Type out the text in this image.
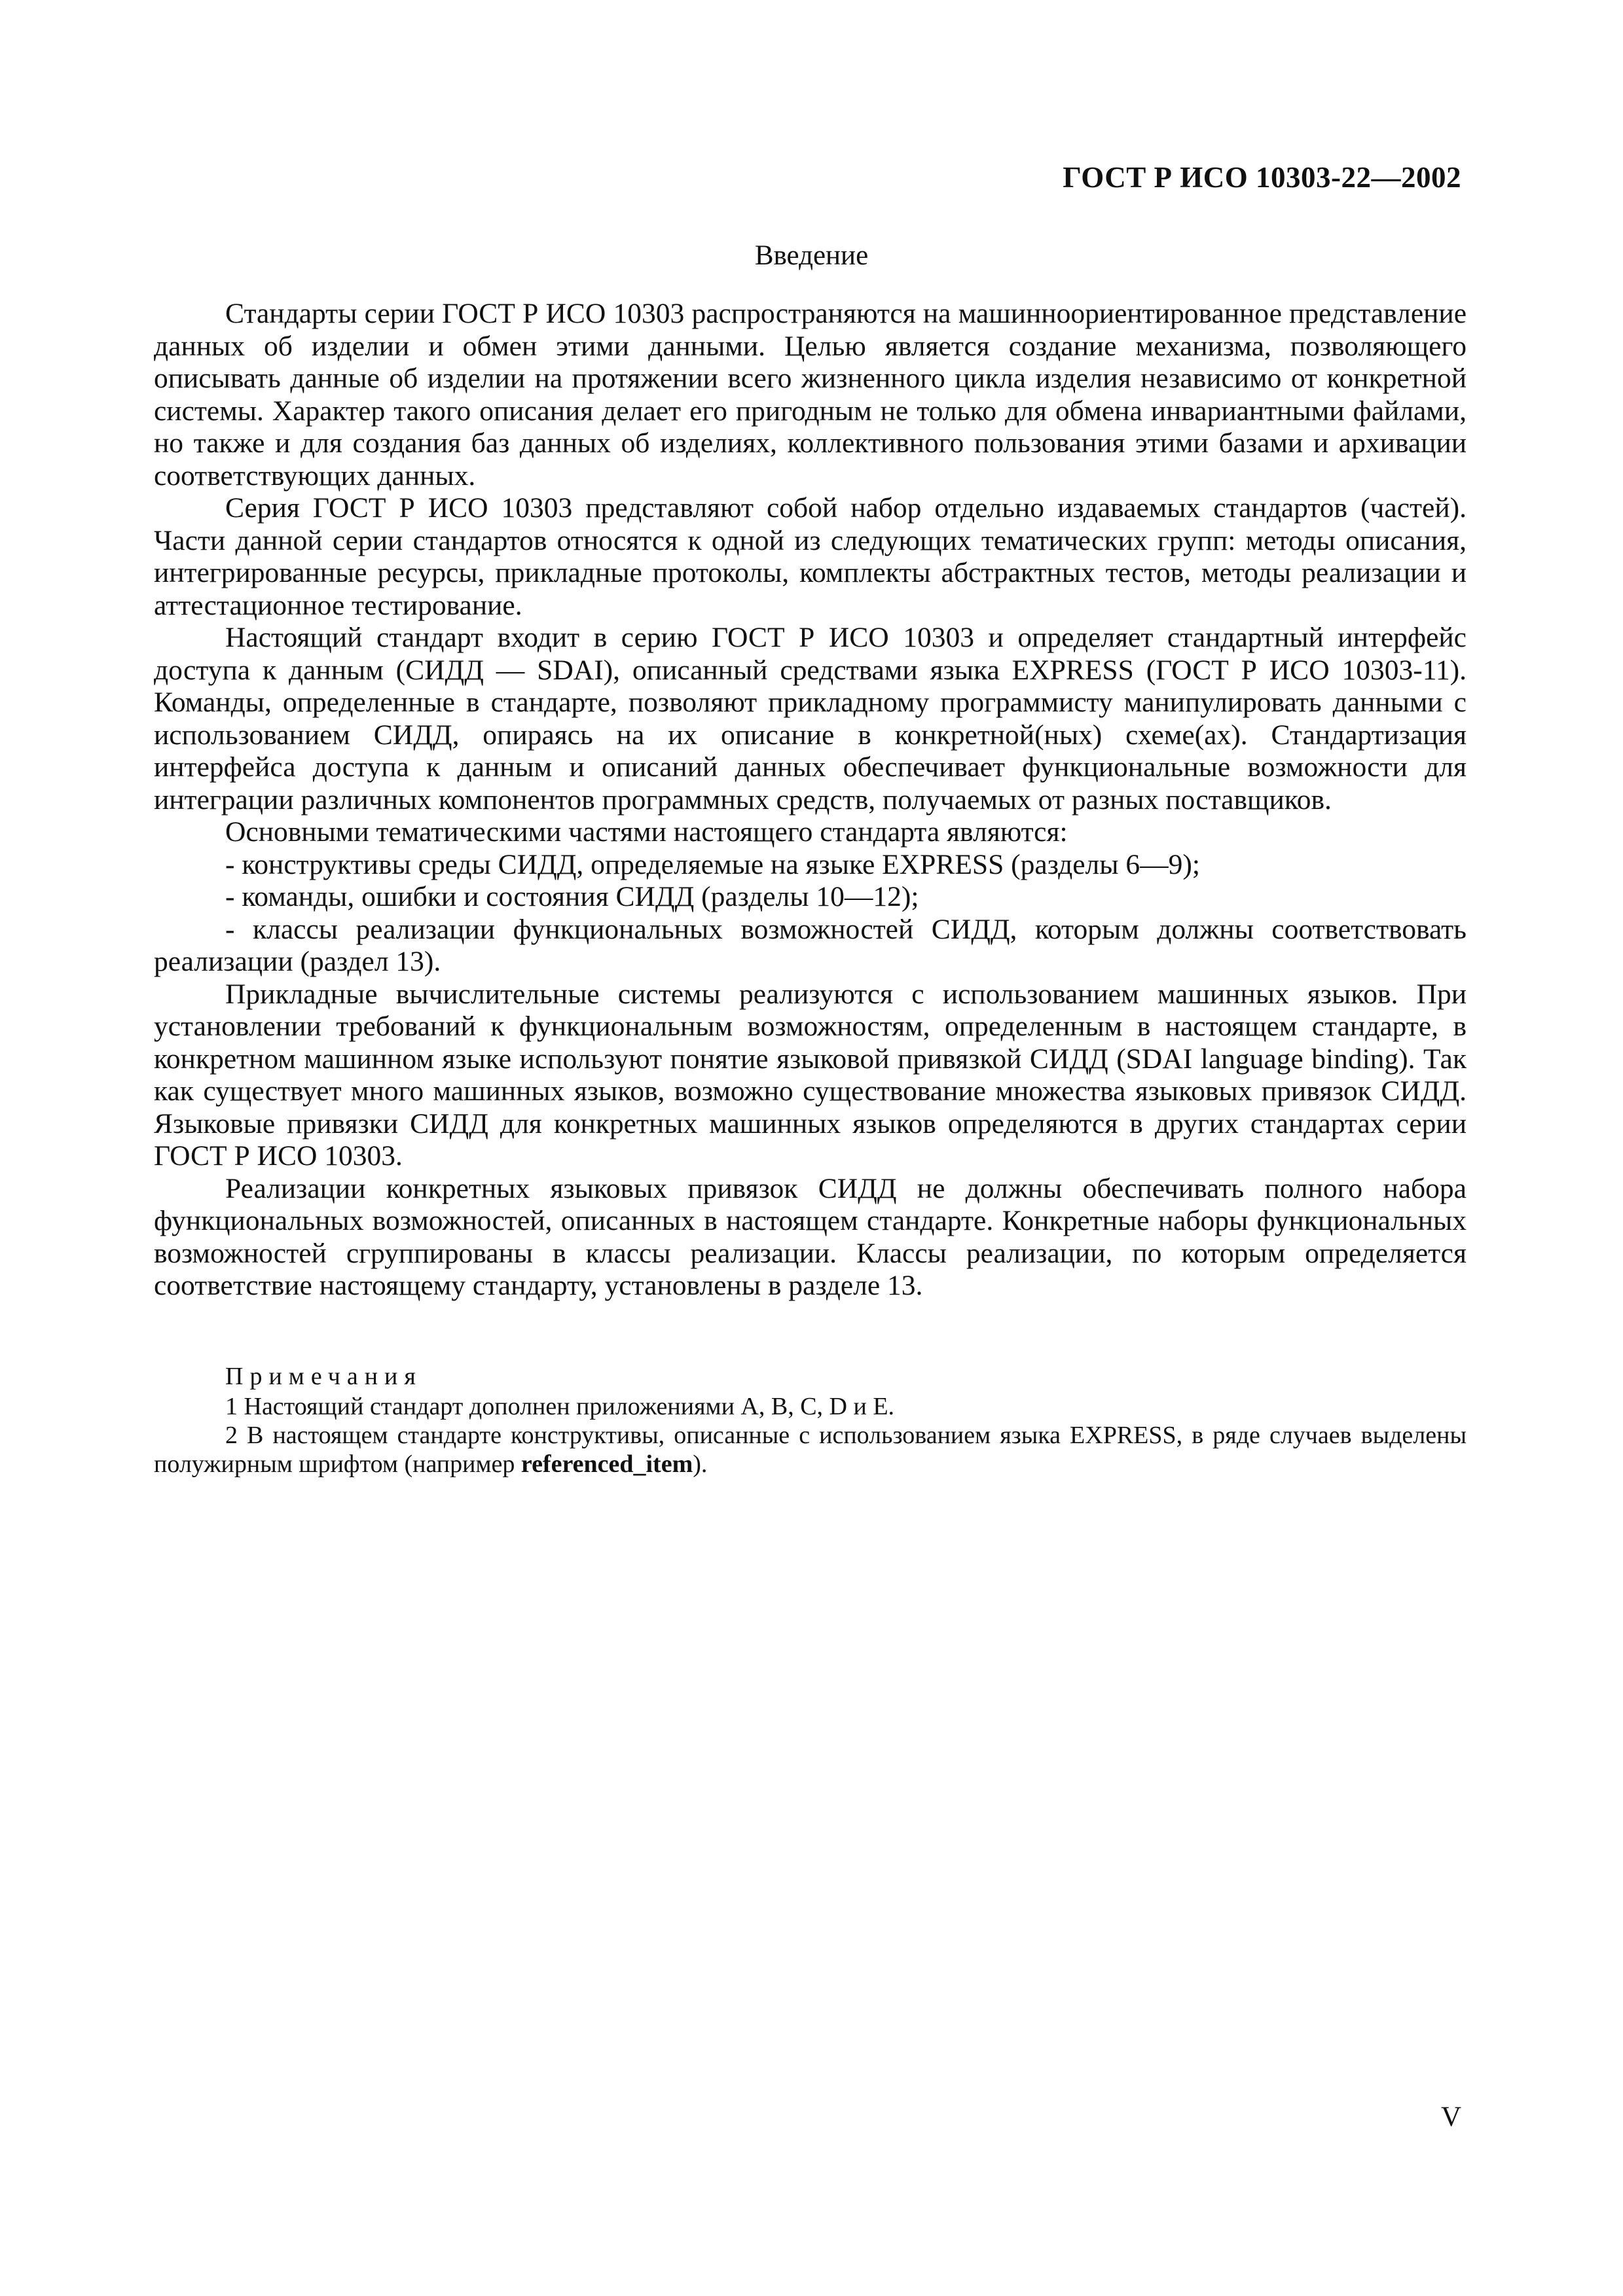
ГОСТ Р ИСО 10303-22—2002
Введение

Стандарты серии ГОСТ Р ИСО 10303 распространяются на машинноориентированное представление данных об изделии и обмен этими данными. Целью является создание механизма, позволяющего описывать данные об изделии на протяжении всего жизненного цикла изделия независимо от конкретной системы. Характер такого описания делает его пригодным не только для обмена инвариантными файлами, но также и для создания баз данных об изделиях, коллективного пользования этими базами и архивации соответствующих данных.

Серия ГОСТ Р ИСО 10303 представляют собой набор отдельно издаваемых стандартов (частей). Части данной серии стандартов относятся к одной из следующих тематических групп: методы описания, интегрированные ресурсы, прикладные протоколы, комплекты абстрактных тестов, методы реализации и аттестационное тестирование.

Настоящий стандарт входит в серию ГОСТ Р ИСО 10303 и определяет стандартный интерфейс доступа к данным (СИДД — SDAI), описанный средствами языка EXPRESS (ГОСТ Р ИСО 10303-11). Команды, определенные в стандарте, позволяют прикладному программисту манипулировать данными с использованием СИДД, опираясь на их описание в конкретной(ных) схеме(ах). Стандартизация интерфейса доступа к данным и описаний данных обеспечивает функциональные возможности для интеграции различных компонентов программных средств, получаемых от разных поставщиков.

Основными тематическими частями настоящего стандарта являются:

- конструктивы среды СИДД, определяемые на языке EXPRESS (разделы 6—9);

- команды, ошибки и состояния СИДД (разделы 10—12);

- классы реализации функциональных возможностей СИДД, которым должны соответствовать реализации (раздел 13).

Прикладные вычислительные системы реализуются с использованием машинных языков. При установлении требований к функциональным возможностям, определенным в настоящем стандарте, в конкретном машинном языке используют понятие языковой привязкой СИДД (SDAI language binding). Так как существует много машинных языков, возможно существование множества языковых привязок СИДД. Языковые привязки СИДД для конкретных машинных языков определяются в других стандартах серии ГОСТ Р ИСО 10303.

Реализации конкретных языковых привязок СИДД не должны обеспечивать полного набора функциональных возможностей, описанных в настоящем стандарте. Конкретные наборы функциональных возможностей сгруппированы в классы реализации. Классы реализации, по которым определяется соответствие настоящему стандарту, установлены в разделе 13.

Примечания

1 Настоящий стандарт дополнен приложениями A, B, C, D и E.

2 В настоящем стандарте конструктивы, описанные с использованием языка EXPRESS, в ряде случаев выделены полужирным шрифтом (например referenced_item).

V
